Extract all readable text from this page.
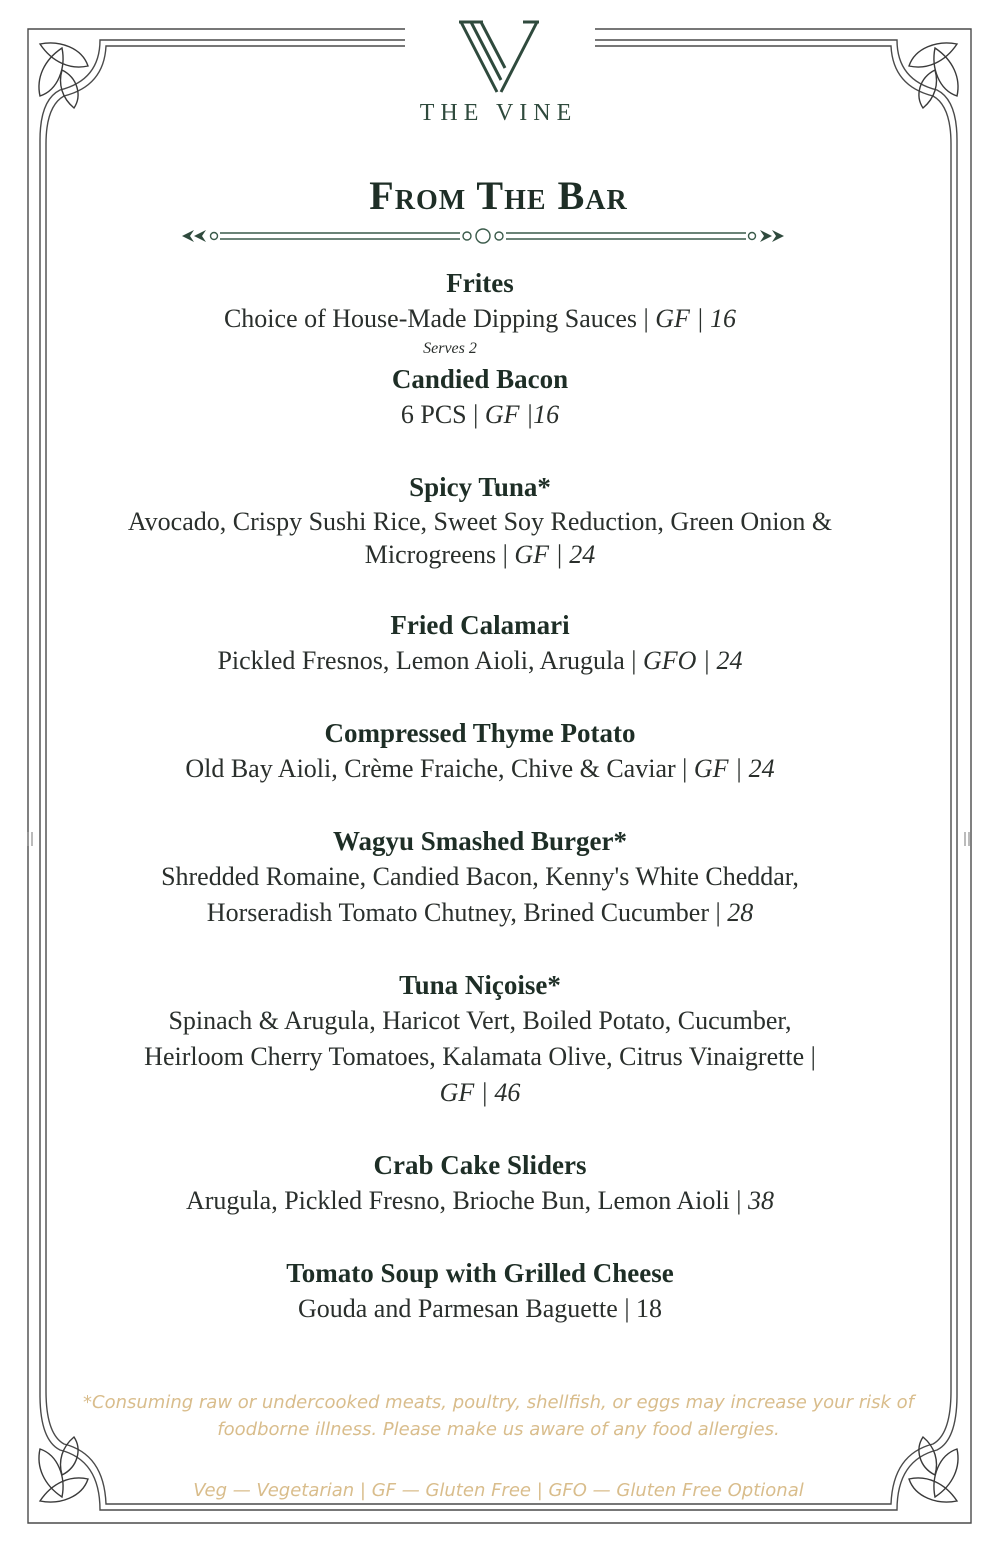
THE VINE
From The Bar
Frites
Choice of House-Made Dipping Sauces | GF | 16
Serves 2
Candied Bacon
6 PCS | GF |16
Spicy Tuna*
Avocado, Crispy Sushi Rice, Sweet Soy Reduction, Green Onion & Microgreens | GF | 24
Fried Calamari
Pickled Fresnos, Lemon Aioli, Arugula | GFO | 24
Compressed Thyme Potato
Old Bay Aioli, Crème Fraiche, Chive & Caviar | GF | 24
Wagyu Smashed Burger*
Shredded Romaine, Candied Bacon, Kenny's White Cheddar, Horseradish Tomato Chutney, Brined Cucumber | 28
Tuna Niçoise*
Spinach & Arugula, Haricot Vert, Boiled Potato, Cucumber, Heirloom Cherry Tomatoes, Kalamata Olive, Citrus Vinaigrette | GF | 46
Crab Cake Sliders
Arugula, Pickled Fresno, Brioche Bun, Lemon Aioli | 38
Tomato Soup with Grilled Cheese
Gouda and Parmesan Baguette | 18
*Consuming raw or undercooked meats, poultry, shellfish, or eggs may increase your risk of foodborne illness. Please make us aware of any food allergies.
Veg — Vegetarian | GF — Gluten Free | GFO — Gluten Free Optional
